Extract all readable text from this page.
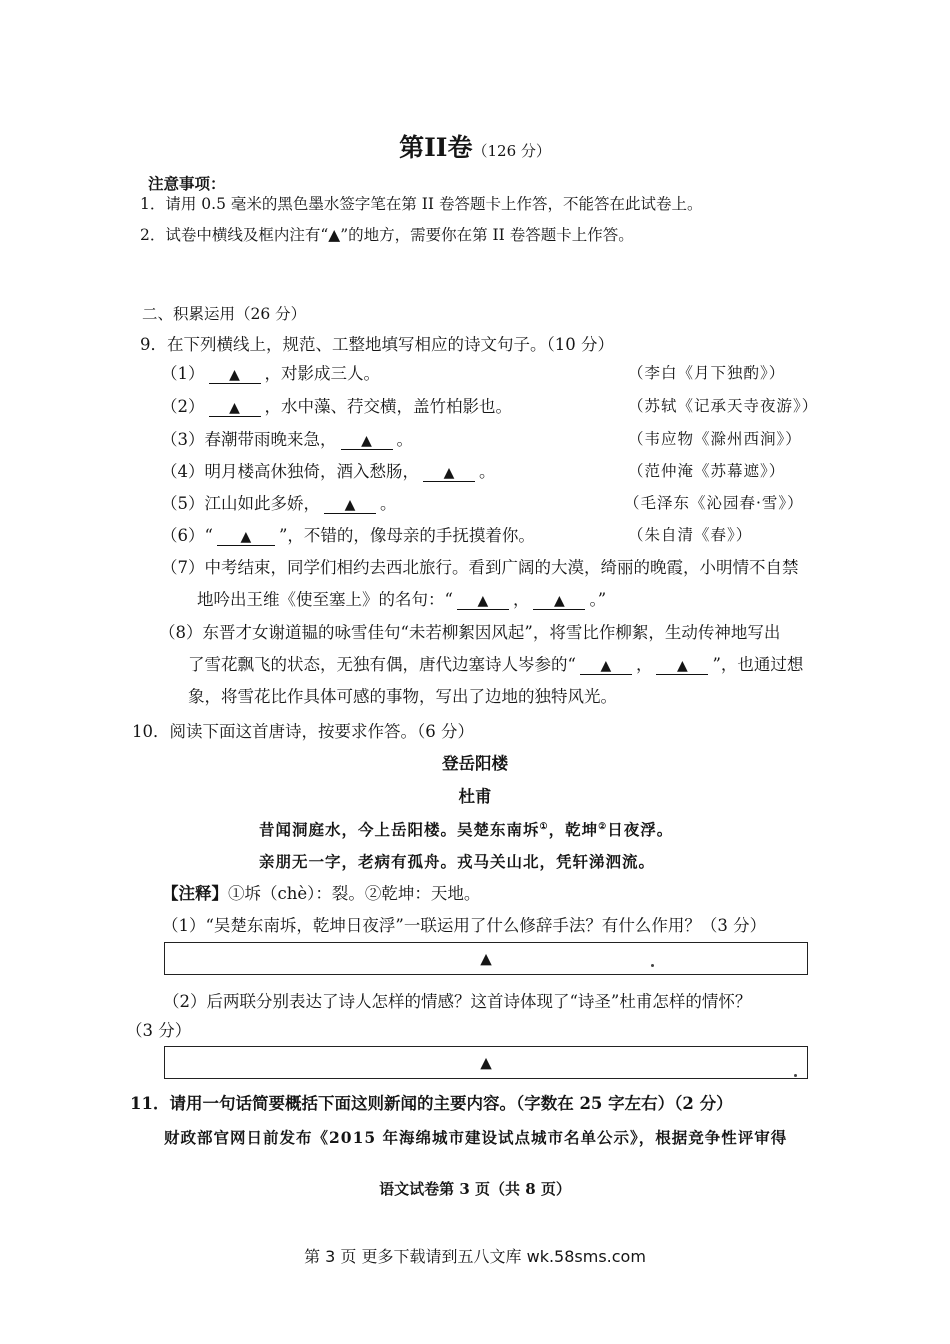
第II卷（126 分）
注意事项：
1．请用 0.5 毫米的黑色墨水签字笔在第 II 卷答题卡上作答，不能答在此试卷上。
2．试卷中横线及框内注有“▲”的地方，需要你在第 II 卷答题卡上作答。
二、积累运用（26 分）
9．在下列横线上，规范、工整地填写相应的诗文句子。（10 分）
（1） ▲ ，对影成三人。	（李白《月下独酌》）
（2） ▲ ，水中藻、荇交横，盖竹柏影也。	（苏轼《记承天寺夜游》）
（3）春潮带雨晚来急， ▲ 。	（韦应物《滁州西涧》）
（4）明月楼高休独倚，酒入愁肠， ▲ 。	（范仲淹《苏幕遮》）
（5）江山如此多娇， ▲ 。	（毛泽东《沁园春·雪》）
（6）“ ▲ ”，不错的，像母亲的手抚摸着你。	（朱自清《春》）
（7）中考结束，同学们相约去西北旅行。看到广阔的大漠，绮丽的晚霞，小明情不自禁
地吟出王维《使至塞上》的名句：“ ▲ ， ▲ 。”
（8）东晋才女谢道韫的咏雪佳句“未若柳絮因风起”，将雪比作柳絮，生动传神地写出
了雪花飘飞的状态，无独有偶，唐代边塞诗人岑参的“ ▲ ， ▲ ”，也通过想
象，将雪花比作具体可感的事物，写出了边地的独特风光。
10．阅读下面这首唐诗，按要求作答。（6 分）
登岳阳楼
杜甫
昔闻洞庭水，今上岳阳楼。吴楚东南坼①，乾坤②日夜浮。
亲朋无一字，老病有孤舟。戎马关山北，凭轩涕泗流。
【注释】①坼（chè）：裂。②乾坤：天地。
（1）“吴楚东南坼，乾坤日夜浮”一联运用了什么修辞手法？有什么作用？（3 分）
▲
（2）后两联分别表达了诗人怎样的情感？这首诗体现了“诗圣”杜甫怎样的情怀？
（3 分）
▲
11．请用一句话简要概括下面这则新闻的主要内容。（字数在 25 字左右）（2 分）
财政部官网日前发布《2015 年海绵城市建设试点城市名单公示》，根据竞争性评审得
语文试卷第 3 页（共 8 页）
第 3 页 更多下载请到五八文库 wk.58sms.com
